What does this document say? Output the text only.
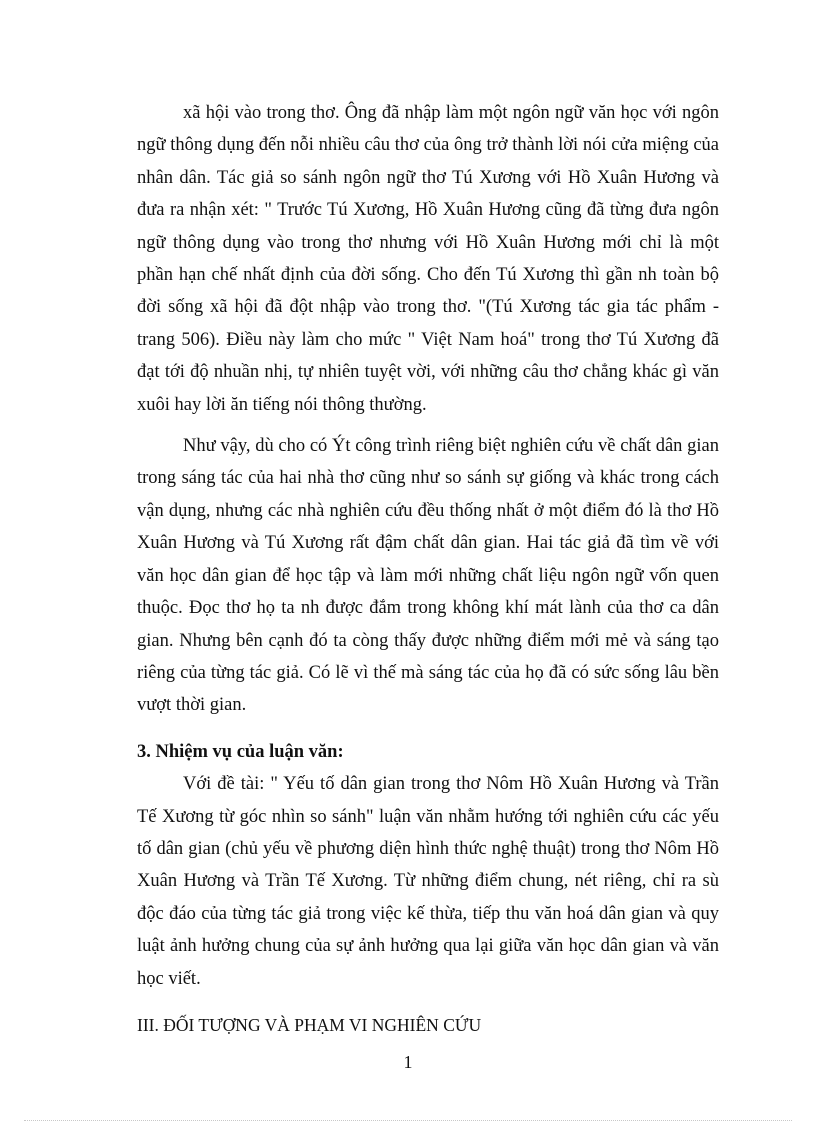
xã hội vào trong thơ. Ông đã nhập làm một ngôn ngữ văn học với ngôn ngữ thông dụng đến nỗi nhiều câu thơ của ông trở thành lời nói cửa miệng của nhân dân. Tác giả so sánh ngôn ngữ thơ Tú Xương với Hồ Xuân Hương và đưa ra nhận xét: " Trước Tú Xương, Hồ Xuân Hương cũng đã từng đưa ngôn ngữ thông dụng vào trong thơ nhưng với Hồ Xuân Hương mới chỉ là một phần hạn chế nhất định của đời sống. Cho đến Tú Xương thì gần nh toàn bộ đời sống xã hội đã đột nhập vào trong thơ. "(Tú Xương tác gia tác phẩm - trang 506). Điều này làm cho mức " Việt Nam hoá" trong thơ Tú Xương đã đạt tới độ nhuần nhị, tự nhiên tuyệt vời, với những câu thơ chẳng khác gì văn xuôi hay lời ăn tiếng nói thông thường.

Như vậy, dù cho có Ýt công trình riêng biệt nghiên cứu về chất dân gian trong sáng tác của hai nhà thơ cũng như so sánh sự giống và khác trong cách vận dụng, nhưng các nhà nghiên cứu đều thống nhất ở một điểm đó là thơ Hồ Xuân Hương và Tú Xương rất đậm chất dân gian. Hai tác giả đã tìm về với văn học dân gian để học tập và làm mới những chất liệu ngôn ngữ vốn quen thuộc. Đọc thơ họ ta nh được đắm trong không khí mát lành của thơ ca dân gian. Nhưng bên cạnh đó ta còng thấy được những điểm mới mẻ và sáng tạo riêng của từng tác giả. Có lẽ vì thế mà sáng tác của họ đã có sức sống lâu bền vượt thời gian.

3. Nhiệm vụ của luận văn:

Với đề tài: " Yếu tố dân gian trong thơ Nôm Hồ Xuân Hương và Trần Tế Xương từ góc nhìn so sánh" luận văn nhằm hướng tới nghiên cứu các yếu tố dân gian (chủ yếu về phương diện hình thức nghệ thuật) trong thơ Nôm Hồ Xuân Hương và Trần Tế Xương. Từ những điểm chung, nét riêng, chỉ ra sù độc đáo của từng tác giả trong việc kế thừa, tiếp thu văn hoá dân gian và quy luật ảnh hưởng chung của sự ảnh hưởng qua lại giữa văn học dân gian và văn học viết.

III. ĐỐI TƯỢNG VÀ PHẠM VI NGHIÊN CỨU

1
